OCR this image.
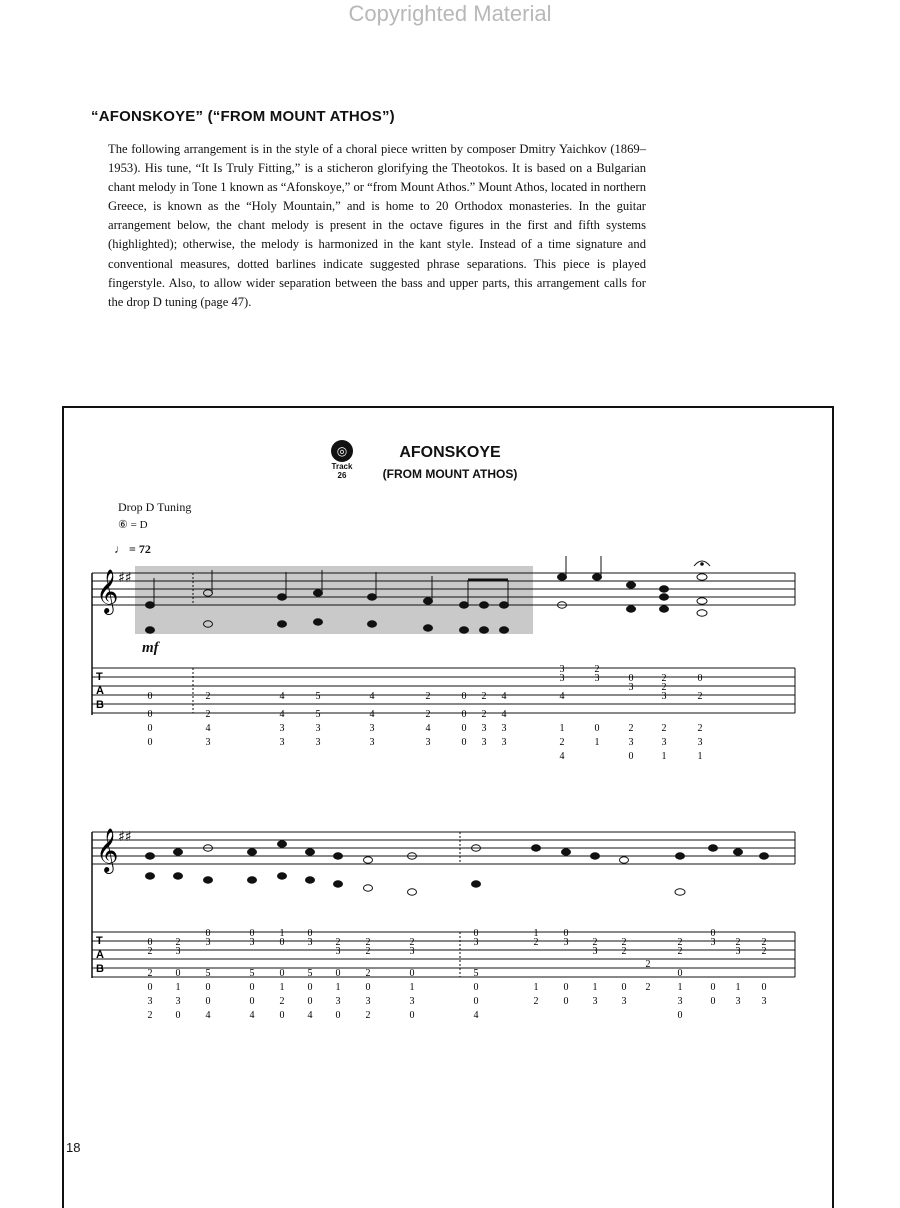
Copyrighted Material
“AFONSKOYE” (“FROM MOUNT ATHOS”)

The following arrangement is in the style of a choral piece written by composer Dmitry Yaichkov (1869–1953). His tune, “It Is Truly Fitting,” is a sticheron glorifying the Theotokos. It is based on a Bulgarian chant melody in Tone 1 known as “Afonskoye,” or “from Mount Athos.” Mount Athos, located in northern Greece, is known as the “Holy Mountain,” and is home to 20 Orthodox monasteries. In the guitar arrangement below, the chant melody is present in the octave figures in the first and fifth systems (highlighted); otherwise, the melody is harmonized in the kant style. Instead of a time signature and conventional measures, dotted barlines indicate suggested phrase separations. This piece is played fingerstyle. Also, to allow wider separation between the bass and upper parts, this arrangement calls for the drop D tuning (page 47).

◎
Track
26
AFONSKOYE
(FROM MOUNT ATHOS)
Drop D Tuning
⑥ = D
♩ = 72
mf
𝄞 ♯♯
T
A
B
0
0
0
0
2
2
4
3
4
4
3
3
5
5
3
3
4
4
3
3
2
2
4
3
0
0
0
0
2
2
3
3
4
4
3
3
3
3
4
1
2
4
2
3
0
1
0
3
2
3
0
2
2
3
2
3
1
0
2
2
3
1
𝄞 ♯♯
T
A
B
0
2
2
0
3
2
2
3
0
1
3
0
0
3
5
0
0
4
0
3
5
0
0
4
1
0
0
1
2
0
0
3
5
0
0
4
2
3
0
1
3
0
2
2
2
0
3
2
2
3
0
1
3
0
0
3
5
0
0
4
1
2
1
2
0
3
0
0
2
3
1
3
2
2
0
3
2
2
2
2
0
1
3
0
0
3
0
0
2
3
1
3
2
2
0
3
18
